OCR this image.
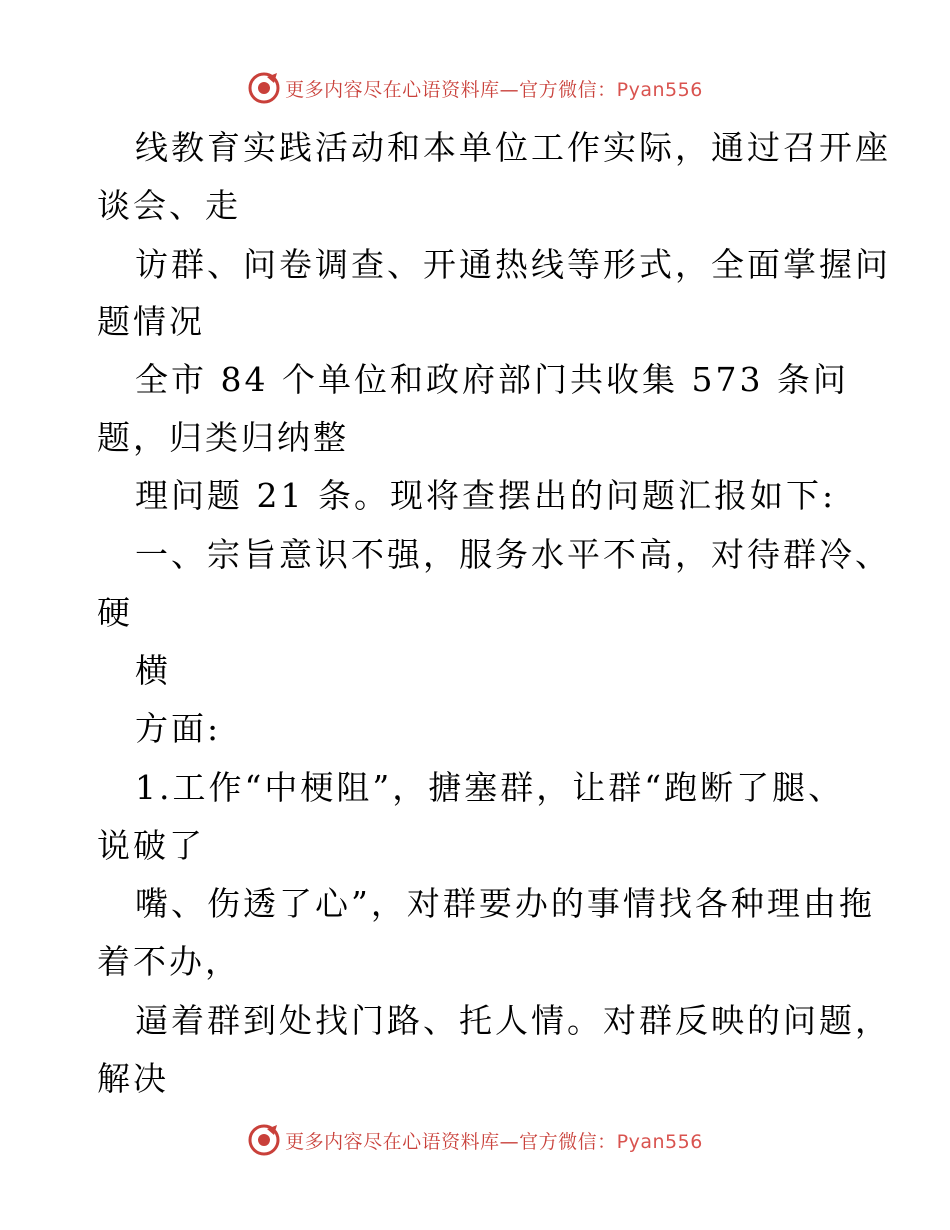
更多内容尽在心语资料库—官方微信：Pyan556
线教育实践活动和本单位工作实际，通过召开座
谈会、走
访群、问卷调查、开通热线等形式，全面掌握问
题情况
全市 84 个单位和政府部门共收集 573 条问
题，归类归纳整
理问题 21 条。现将查摆出的问题汇报如下:
一、宗旨意识不强，服务水平不高，对待群冷、
硬
横
方面:
1.工作“中梗阻”，搪塞群，让群“跑断了腿、
说破了
嘴、伤透了心”，对群要办的事情找各种理由拖
着不办，
逼着群到处找门路、托人情。对群反映的问题，
解决
更多内容尽在心语资料库—官方微信：Pyan556
